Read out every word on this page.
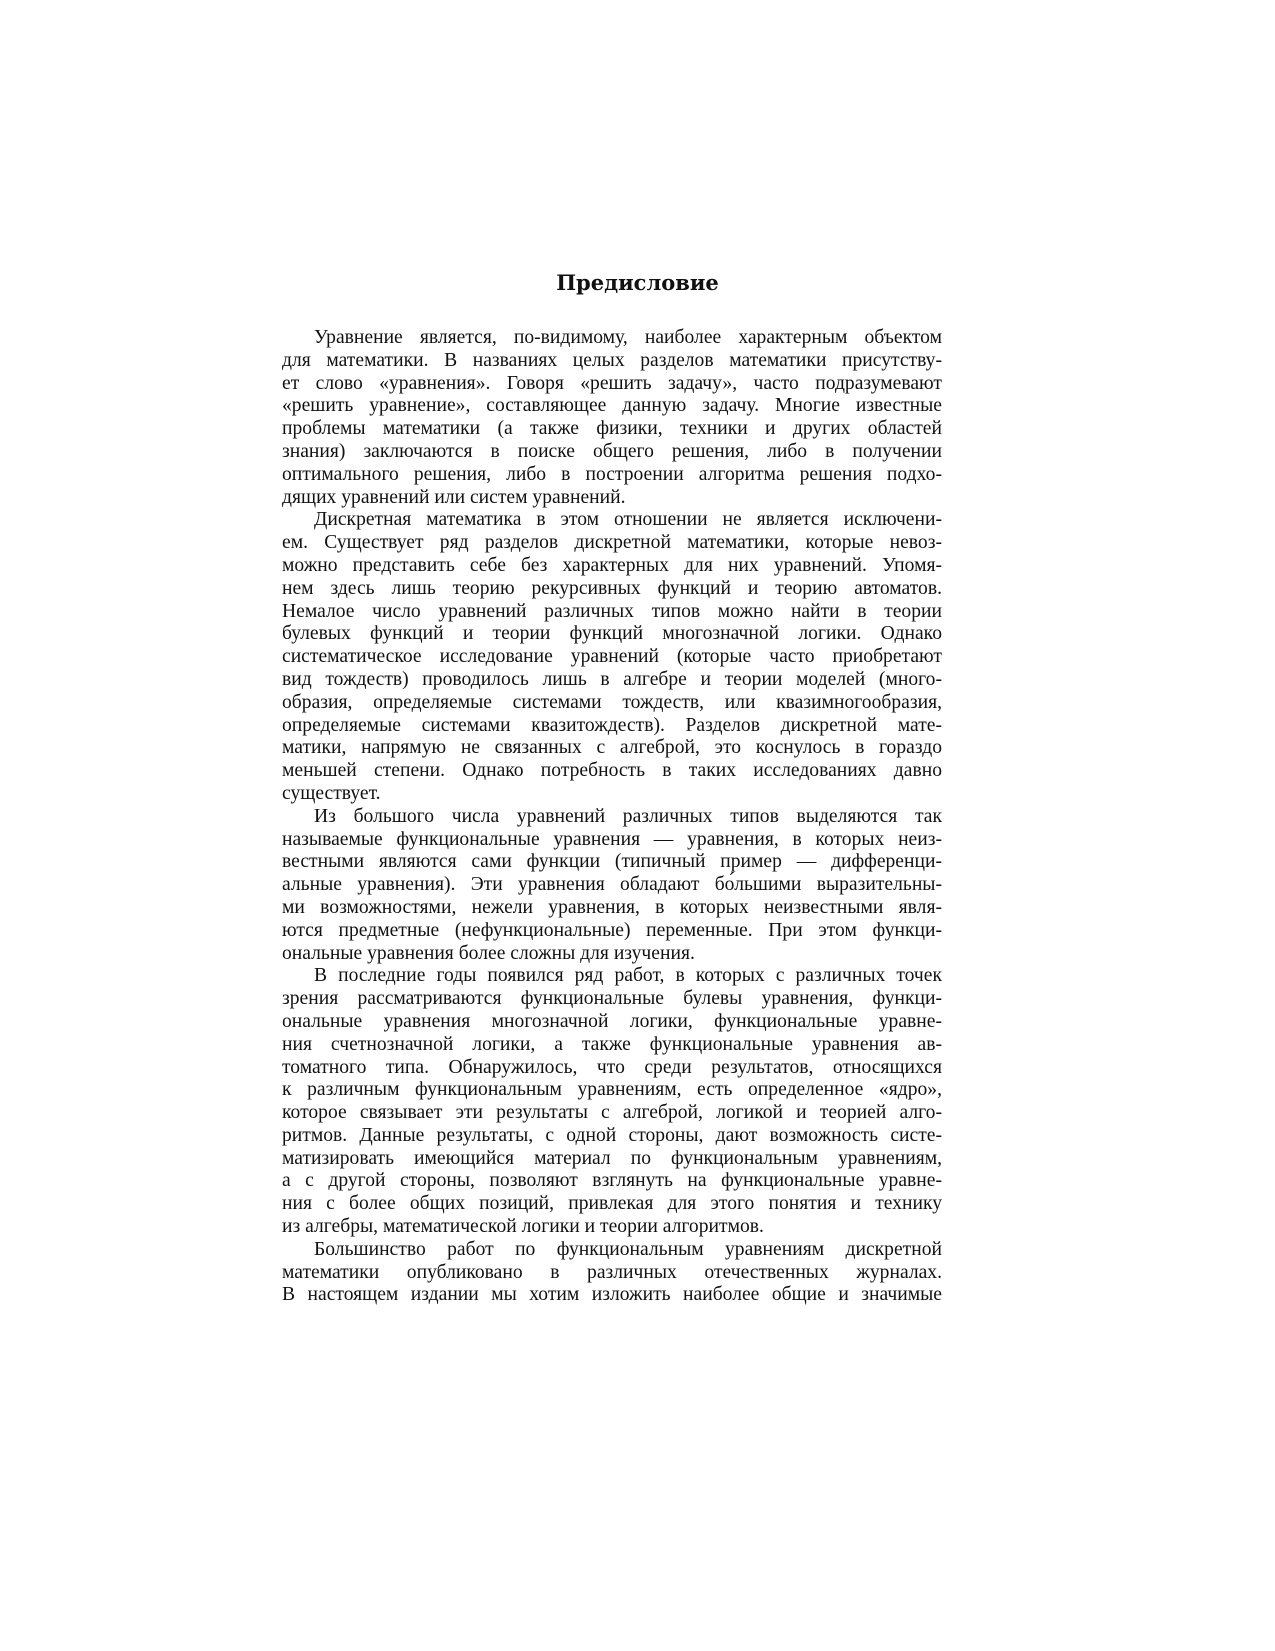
Предисловие
Уравнение является, по-видимому, наиболее характерным объектом
для математики. В названиях целых разделов математики присутству-
ет слово «уравнения». Говоря «решить задачу», часто подразумевают
«решить уравнение», составляющее данную задачу. Многие известные
проблемы математики (а также физики, техники и других областей
знания) заключаются в поиске общего решения, либо в получении
оптимального решения, либо в построении алгоритма решения подхо-
дящих уравнений или систем уравнений.
Дискретная математика в этом отношении не является исключени-
ем. Существует ряд разделов дискретной математики, которые невоз-
можно представить себе без характерных для них уравнений. Упомя-
нем здесь лишь теорию рекурсивных функций и теорию автоматов.
Немалое число уравнений различных типов можно найти в теории
булевых функций и теории функций многозначной логики. Однако
систематическое исследование уравнений (которые часто приобретают
вид тождеств) проводилось лишь в алгебре и теории моделей (много-
образия, определяемые системами тождеств, или квазимногообразия,
определяемые системами квазитождеств). Разделов дискретной мате-
матики, напрямую не связанных с алгеброй, это коснулось в гораздо
меньшей степени. Однако потребность в таких исследованиях давно
существует.
Из большого числа уравнений различных типов выделяются так
называемые функциональные уравнения — уравнения, в которых неиз-
вестными являются сами функции (типичный пример — дифференци-
альные уравнения). Эти уравнения обладают бо́льшими выразительны-
ми возможностями, нежели уравнения, в которых неизвестными явля-
ются предметные (нефункциональные) переменные. При этом функци-
ональные уравнения более сложны для изучения.
В последние годы появился ряд работ, в которых с различных точек
зрения рассматриваются функциональные булевы уравнения, функци-
ональные уравнения многозначной логики, функциональные уравне-
ния счетнозначной логики, а также функциональные уравнения ав-
томатного типа. Обнаружилось, что среди результатов, относящихся
к различным функциональным уравнениям, есть определенное «ядро»,
которое связывает эти результаты с алгеброй, логикой и теорией алго-
ритмов. Данные результаты, с одной стороны, дают возможность систе-
матизировать имеющийся материал по функциональным уравнениям,
а с другой стороны, позволяют взглянуть на функциональные уравне-
ния с более общих позиций, привлекая для этого понятия и технику
из алгебры, математической логики и теории алгоритмов.
Большинство работ по функциональным уравнениям дискретной
математики опубликовано в различных отечественных журналах.
В настоящем издании мы хотим изложить наиболее общие и значимые
